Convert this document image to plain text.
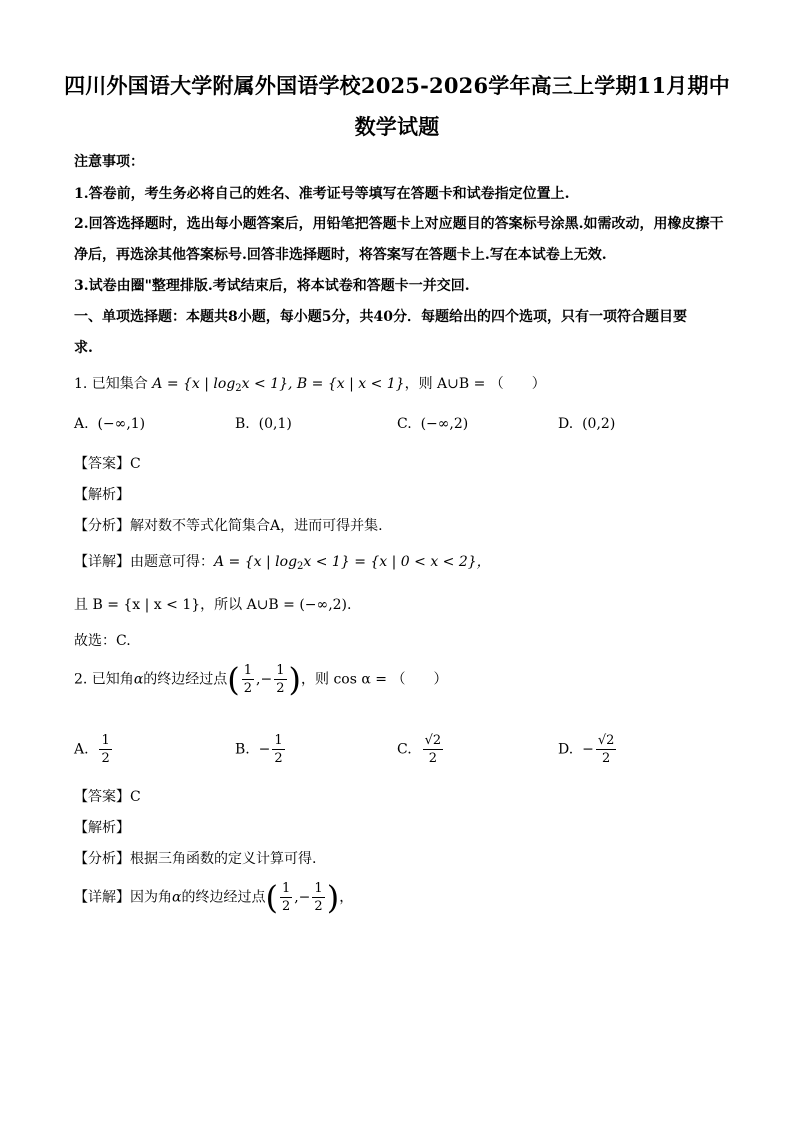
四川外国语大学附属外国语学校2025-2026学年高三上学期11月期中
数学试题
注意事项：
1.答卷前，考生务必将自己的姓名、准考证号等填写在答题卡和试卷指定位置上.
2.回答选择题时，选出每小题答案后，用铅笔把答题卡上对应题目的答案标号涂黑.如需改动，用橡皮擦干
净后，再选涂其他答案标号.回答非选择题时，将答案写在答题卡上.写在本试卷上无效.
3.试卷由圈"整理排版.考试结束后，将本试卷和答题卡一并交回.
一、单项选择题：本题共8小题，每小题5分，共40分．每题给出的四个选项，只有一项符合题目要
求.
1. 已知集合 A = {x | $\log_2x < 1$}, B = {x | x < 1}，则 A∪B = （　　）
A. (−∞,1)	B. (0,1)	C. (−∞,2)	D. (0,2)
【答案】C
【解析】
【分析】解对数不等式化简集合A，进而可得并集.
【详解】由题意可得：A = {x | $\log_2x < 1\} = \{x$ | 0 < x < 2}，
且 B = {x | x < 1}，所以 A∪B = (−∞,2).
故选：C.
2. 已知角α的终边经过点( $\frac{1}{2}$ ,− $\frac{1}{2}$ )，则 cos α = （　　）
A. $\frac{1}{2}$	B. − $\frac{1}{2}$	C. $\frac{√2}{2}$	D. − $\frac{√2}{2}$
【答案】C
【解析】
【分析】根据三角函数的定义计算可得.
【详解】因为角α的终边经过点( $\frac{1}{2}$ ,− $\frac{1}{2}$ )，
